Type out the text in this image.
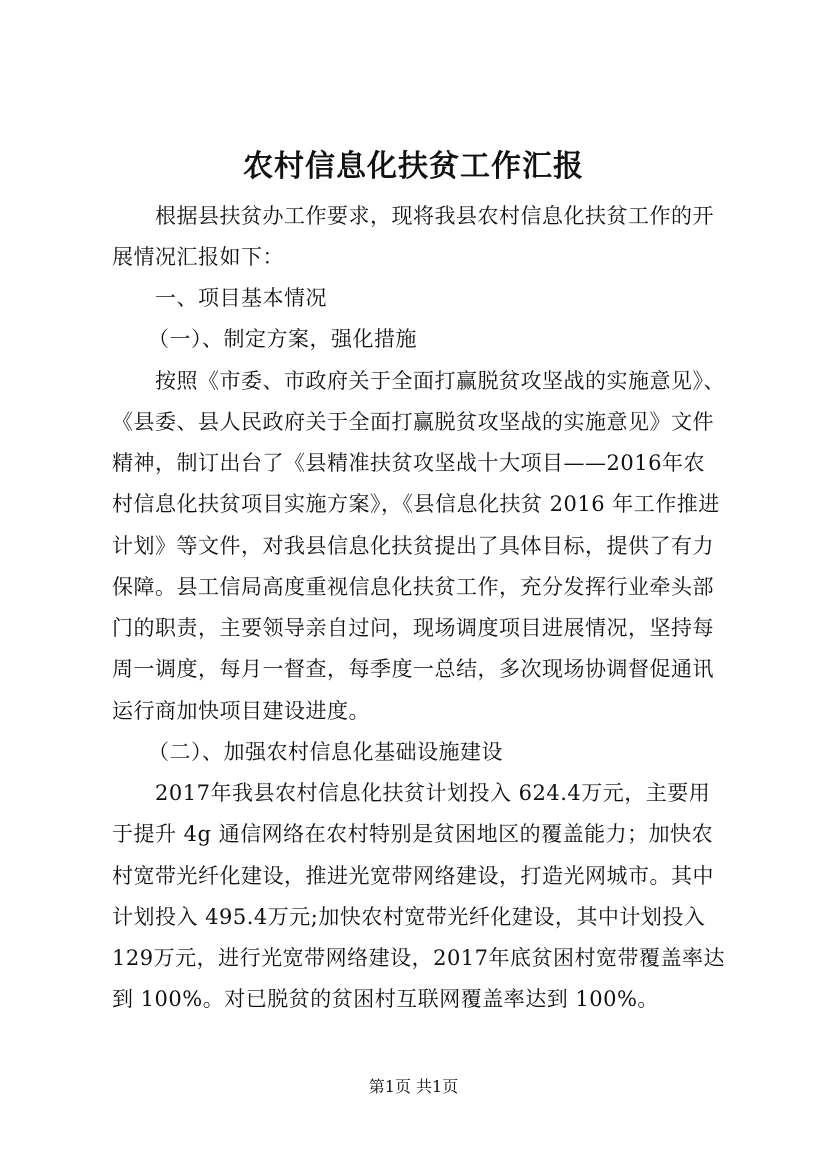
农村信息化扶贫工作汇报
根据县扶贫办工作要求，现将我县农村信息化扶贫工作的开
展情况汇报如下：
一、项目基本情况
（一）、制定方案，强化措施
按照《市委、市政府关于全面打赢脱贫攻坚战的实施意见》、
《县委、县人民政府关于全面打赢脱贫攻坚战的实施意见》文件
精神，制订出台了《县精准扶贫攻坚战十大项目——2016年农
村信息化扶贫项目实施方案》，《县信息化扶贫 2016 年工作推进
计划》等文件，对我县信息化扶贫提出了具体目标，提供了有力
保障。县工信局高度重视信息化扶贫工作，充分发挥行业牵头部
门的职责，主要领导亲自过问，现场调度项目进展情况，坚持每
周一调度，每月一督查，每季度一总结，多次现场协调督促通讯
运行商加快项目建设进度。
（二）、加强农村信息化基础设施建设
2017年我县农村信息化扶贫计划投入 624.4万元，主要用
于提升 4g 通信网络在农村特别是贫困地区的覆盖能力；加快农
村宽带光纤化建设，推进光宽带网络建设，打造光网城市。其中
计划投入 495.4万元;加快农村宽带光纤化建设，其中计划投入
129万元，进行光宽带网络建设，2017年底贫困村宽带覆盖率达
到 100%。对已脱贫的贫困村互联网覆盖率达到 100%。
第1页 共1页
